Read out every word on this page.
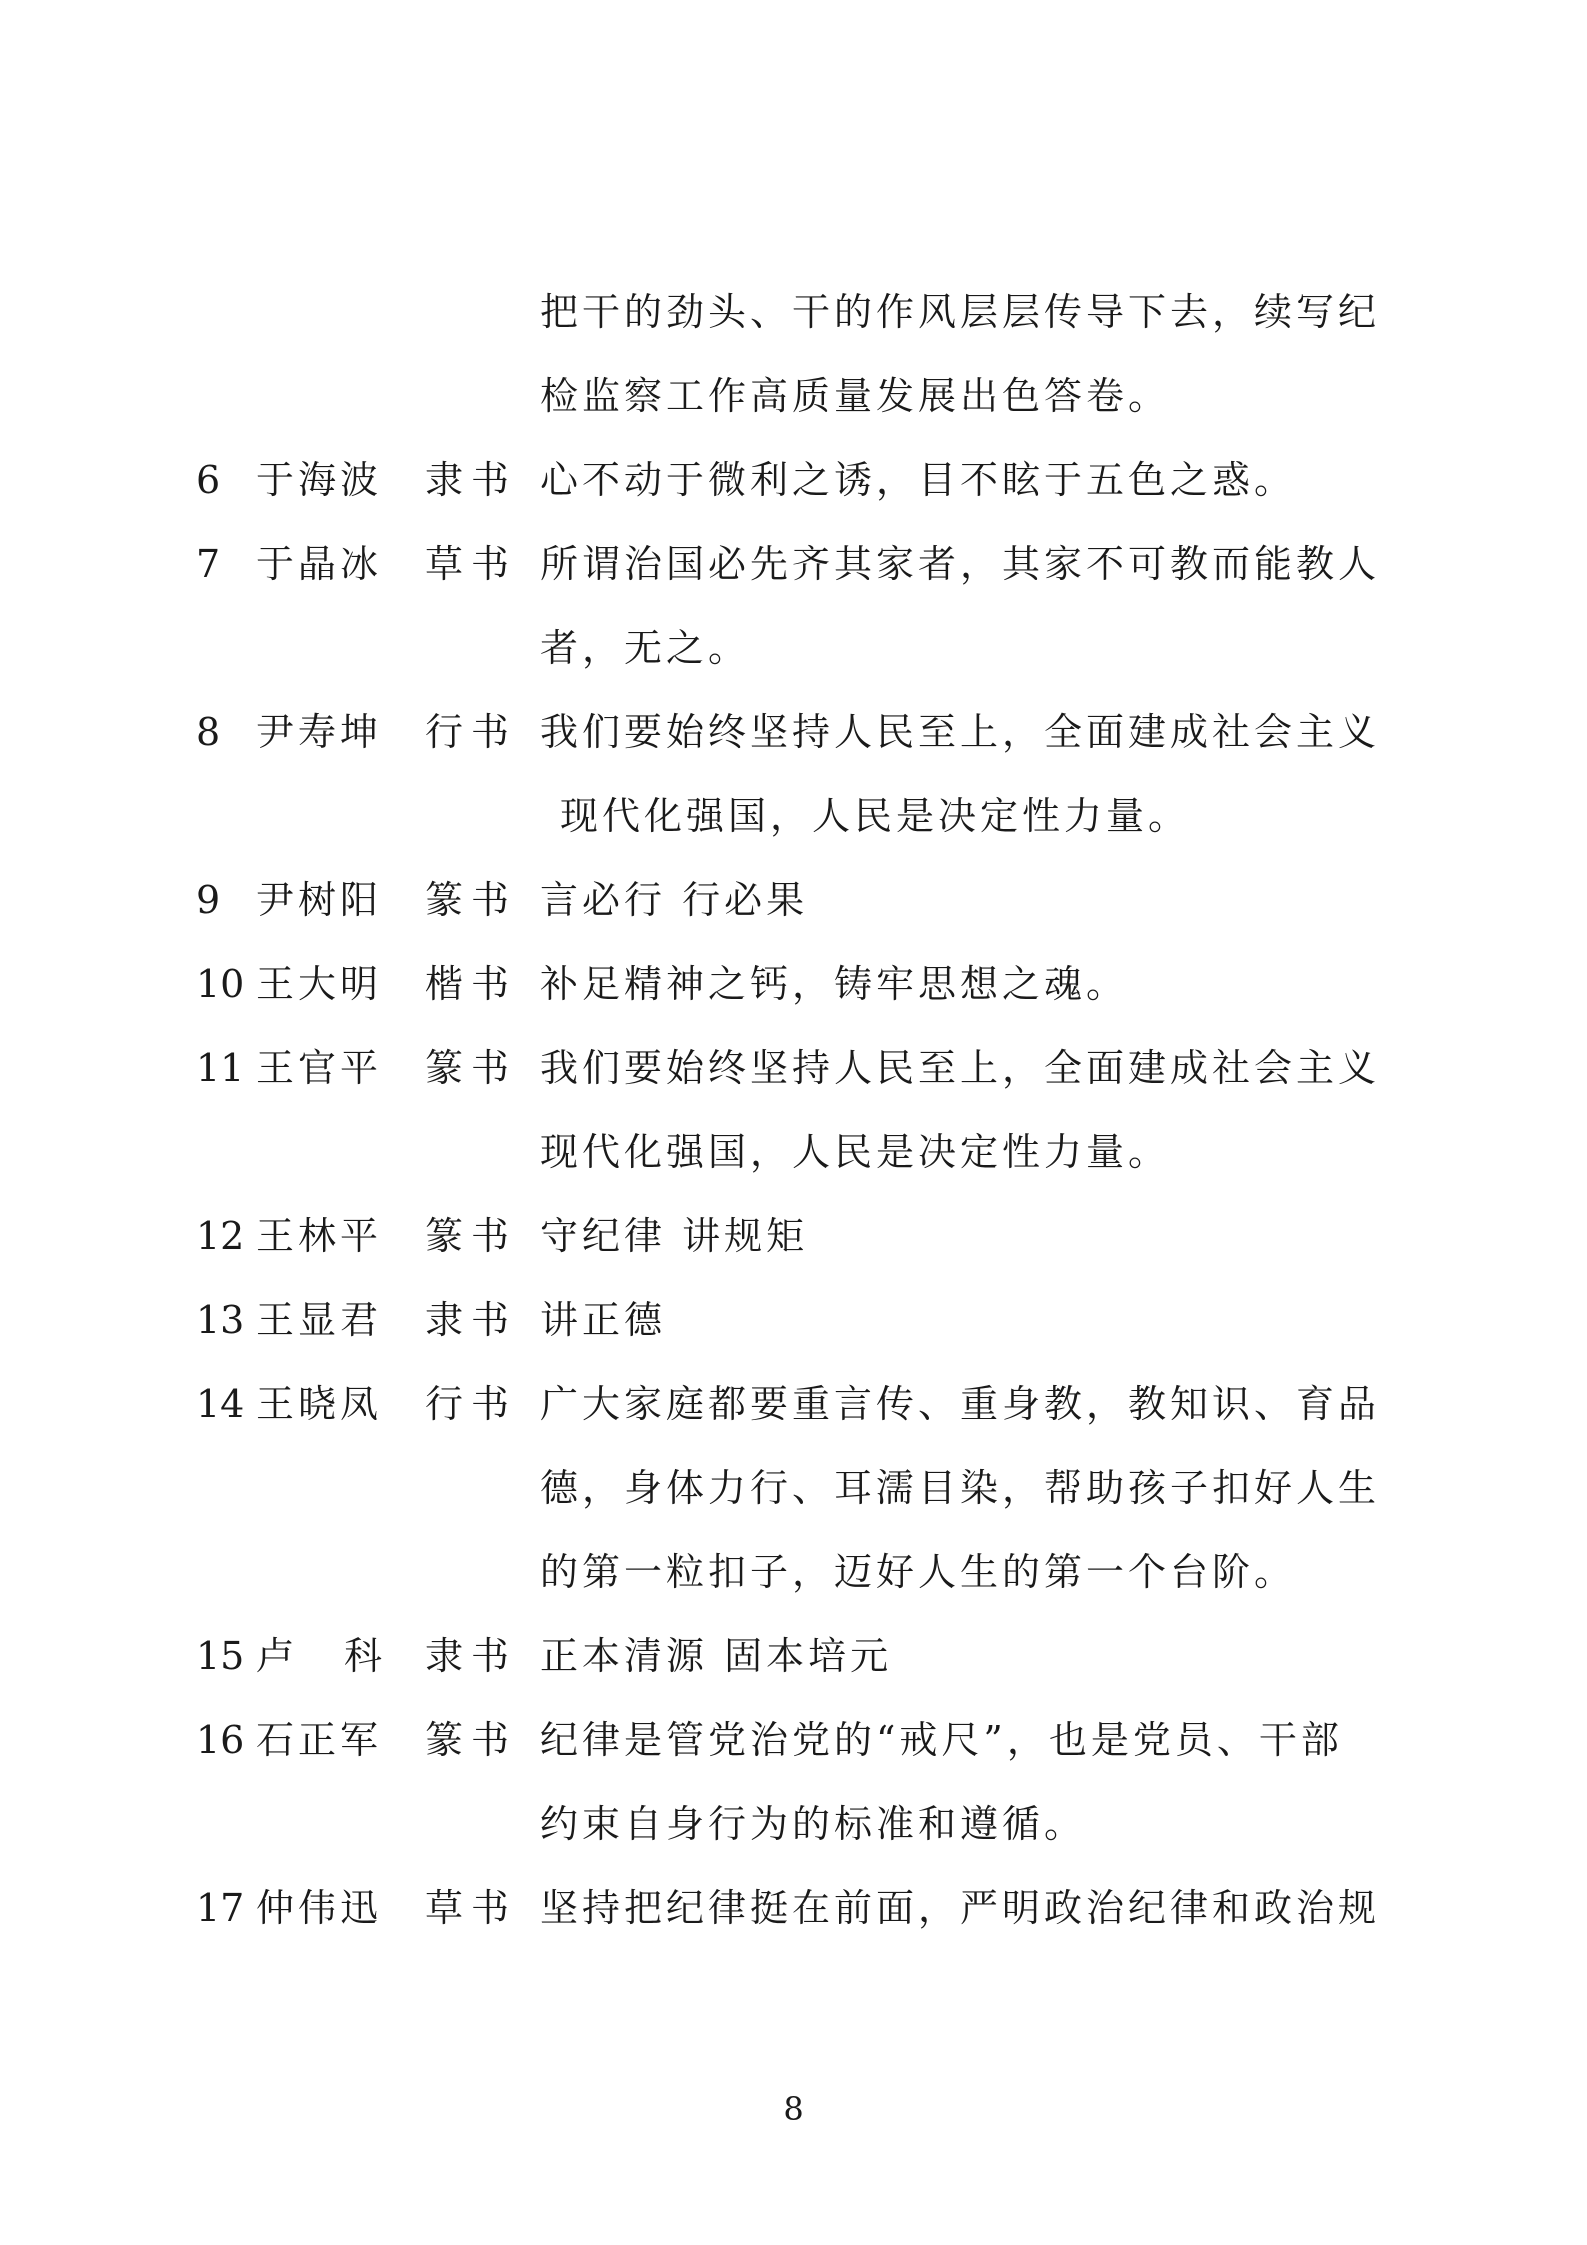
把干的劲头、干的作风层层传导下去，续写纪
检监察工作高质量发展出色答卷。
6 于海波 隶书 心不动于微利之诱，目不眩于五色之惑。
7 于晶冰 草书 所谓治国必先齐其家者，其家不可教而能教人
者，无之。
8 尹寿坤 行书 我们要始终坚持人民至上，全面建成社会主义
现代化强国，人民是决定性力量。
9 尹树阳 篆书 言必行 行必果
10 王大明 楷书 补足精神之钙，铸牢思想之魂。
11 王官平 篆书 我们要始终坚持人民至上，全面建成社会主义
现代化强国，人民是决定性力量。
12 王林平 篆书 守纪律 讲规矩
13 王显君 隶书 讲正德
14 王晓凤 行书 广大家庭都要重言传、重身教，教知识、育品
德，身体力行、耳濡目染，帮助孩子扣好人生
的第一粒扣子，迈好人生的第一个台阶。
15 卢 科 隶书 正本清源 固本培元
16 石正军 篆书 纪律是管党治党的“戒尺”，也是党员、干部
约束自身行为的标准和遵循。
17 仲伟迅 草书 坚持把纪律挺在前面，严明政治纪律和政治规
8
